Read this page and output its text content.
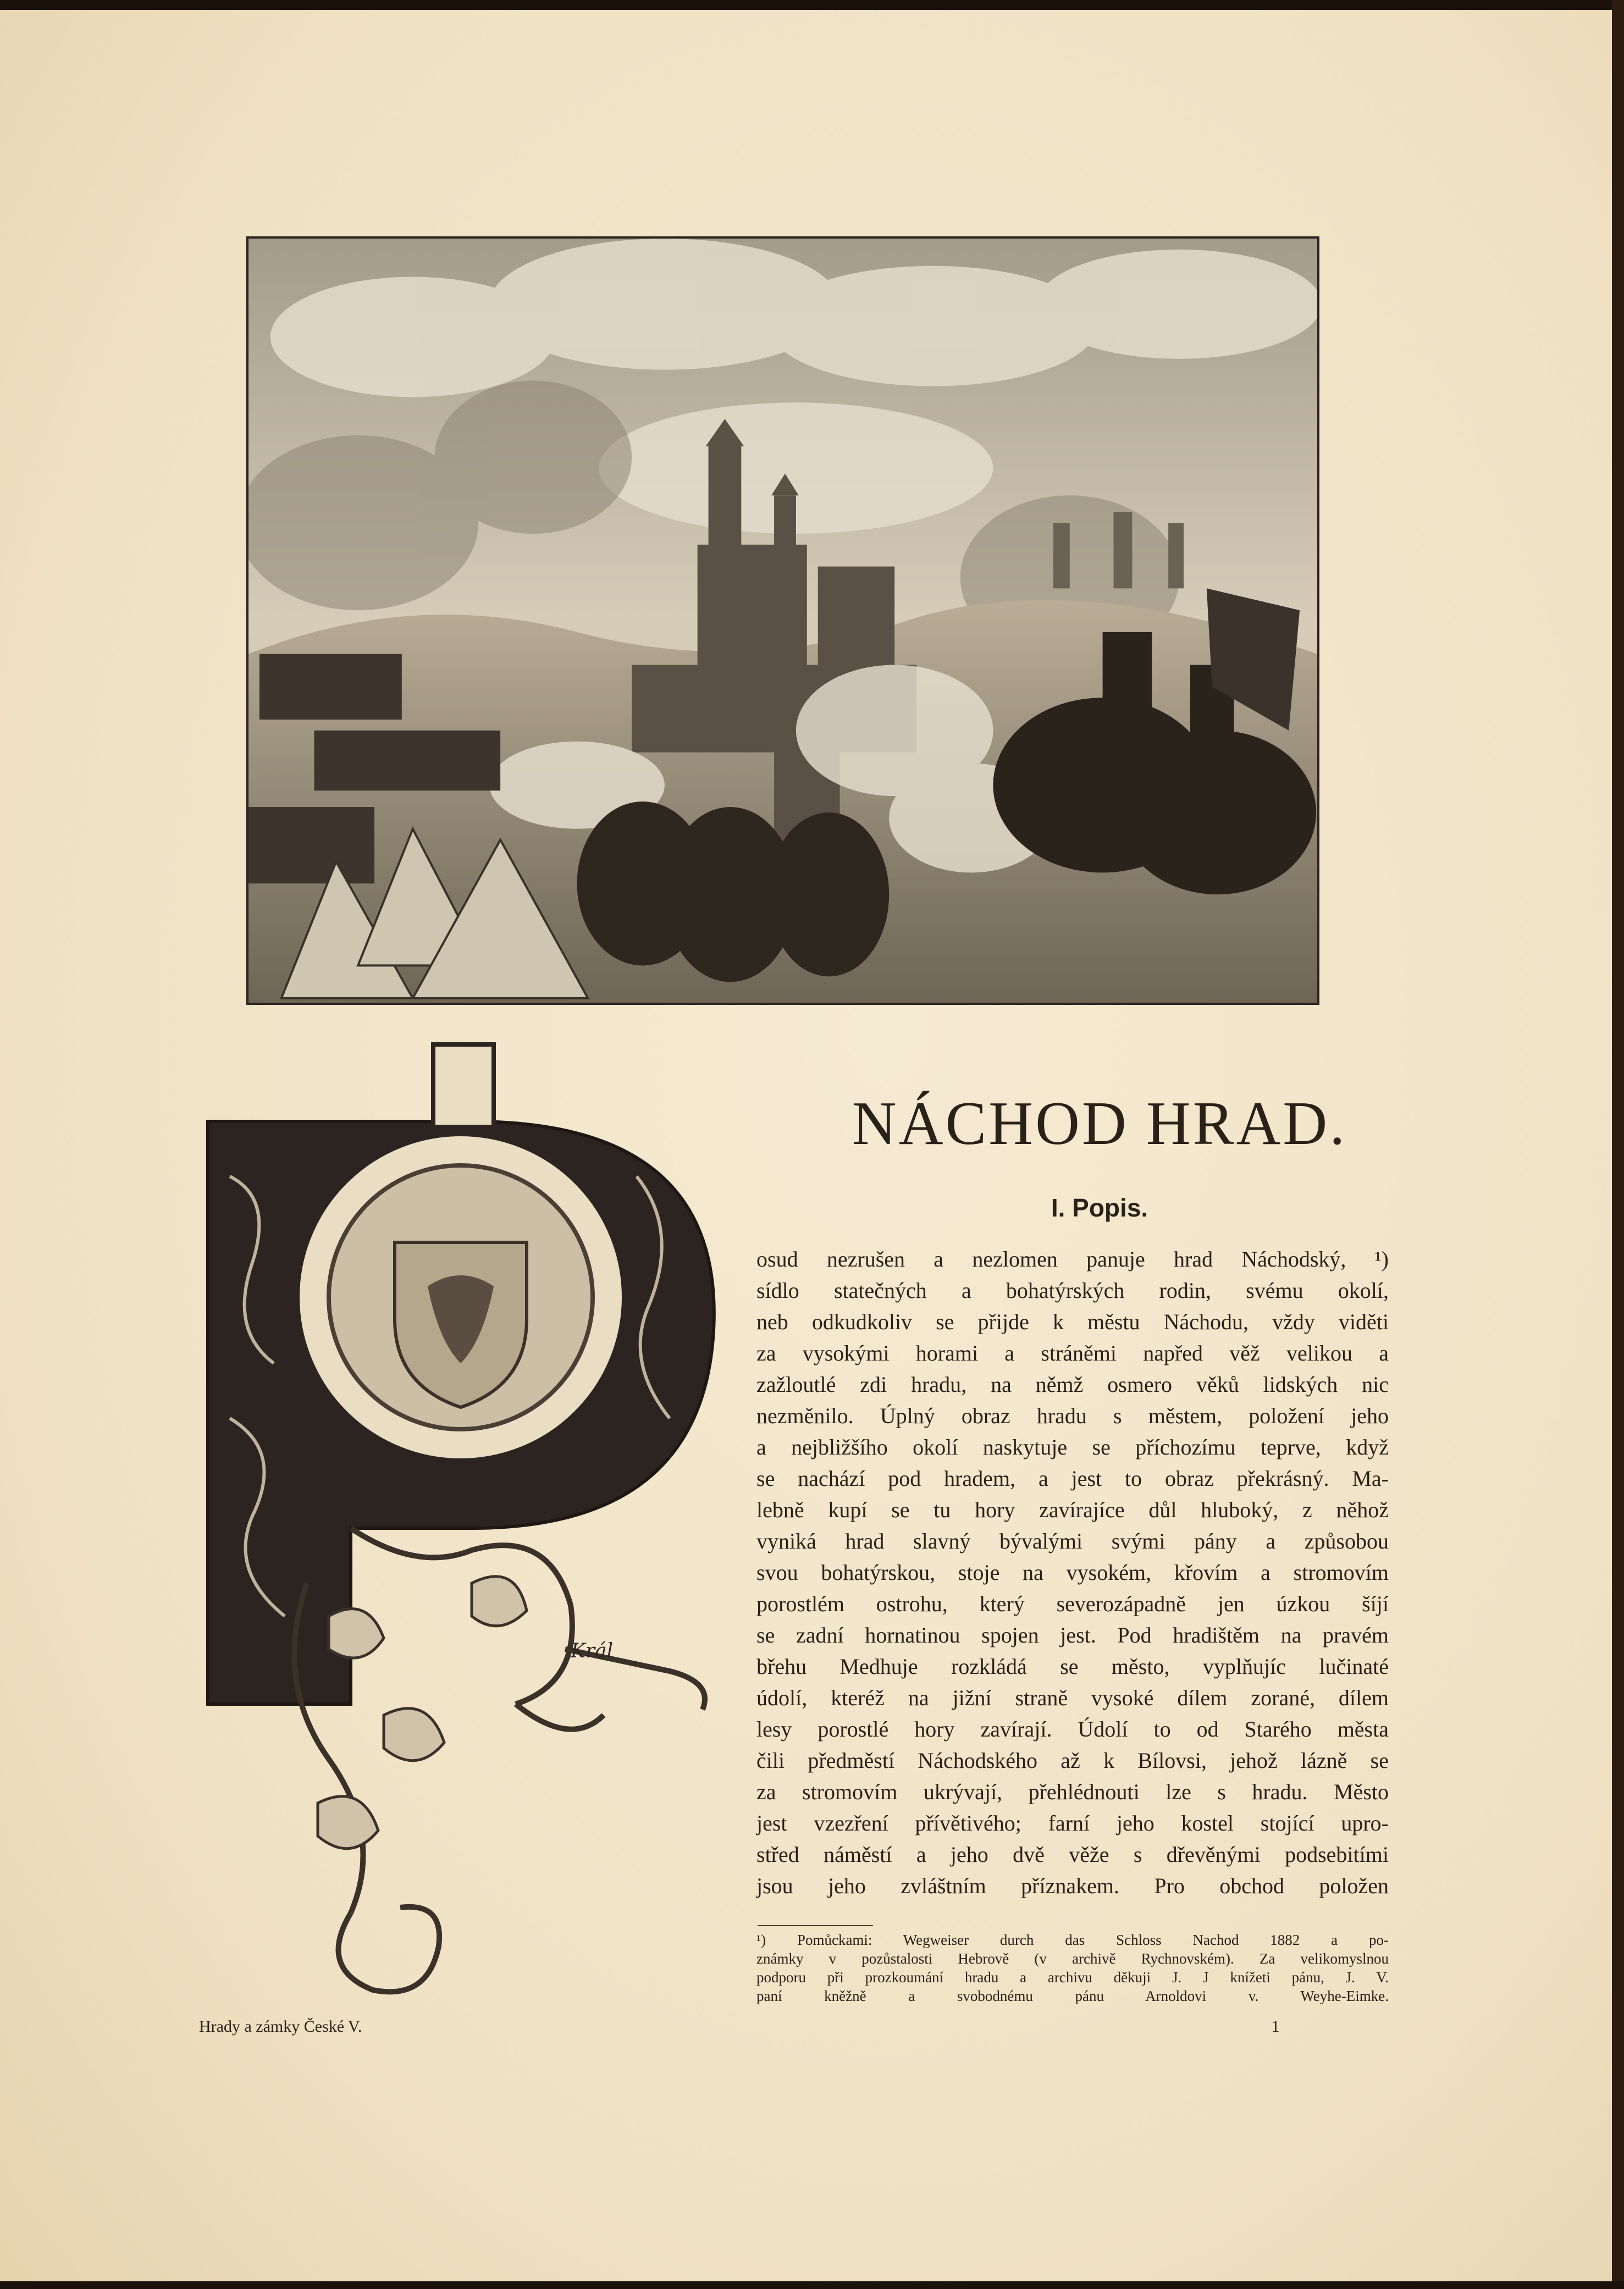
Král
NÁCHOD HRAD.
I. Popis.
osud nezrušen a nezlomen panuje hrad Náchodský, ¹)
sídlo statečných a bohatýrských rodin, svému okolí,
neb odkudkoliv se přijde k městu Náchodu, vždy viděti
za vysokými horami a stráněmi napřed věž velikou a
zažloutlé zdi hradu, na němž osmero věků lidských nic
nezměnilo. Úplný obraz hradu s městem, položení jeho
a nejbližšího okolí naskytuje se příchozímu teprve, když
se nachází pod hradem, a jest to obraz překrásný. Ma-
lebně kupí se tu hory zavírajíce důl hluboký, z něhož
vyniká hrad slavný bývalými svými pány a způsobou
svou bohatýrskou, stoje na vysokém, křovím a stromovím
porostlém ostrohu, který severozápadně jen úzkou šíjí
se zadní hornatinou spojen jest. Pod hradištěm na pravém
břehu Medhuje rozkládá se město, vyplňujíc lučinaté
údolí, kteréž na jižní straně vysoké dílem zorané, dílem
lesy porostlé hory zavírají. Údolí to od Starého města
čili předměstí Náchodského až k Bílovsi, jehož lázně se
za stromovím ukrývají, přehlédnouti lze s hradu. Město
jest vzezření přívětivého; farní jeho kostel stojící upro-
střed náměstí a jeho dvě věže s dřevěnými podsebitími
jsou jeho zvláštním příznakem. Pro obchod položen
¹) Pomůckami: Wegweiser durch das Schloss Nachod 1882 a po-
známky v pozůstalosti Hebrově (v archivě Rychnovském). Za velikomyslnou
podporu při prozkoumání hradu a archivu děkuji J. J knížeti pánu, J. V.
paní kněžně a svobodnému pánu Arnoldovi v. Weyhe-Eimke.
Hrady a zámky České V.	1
